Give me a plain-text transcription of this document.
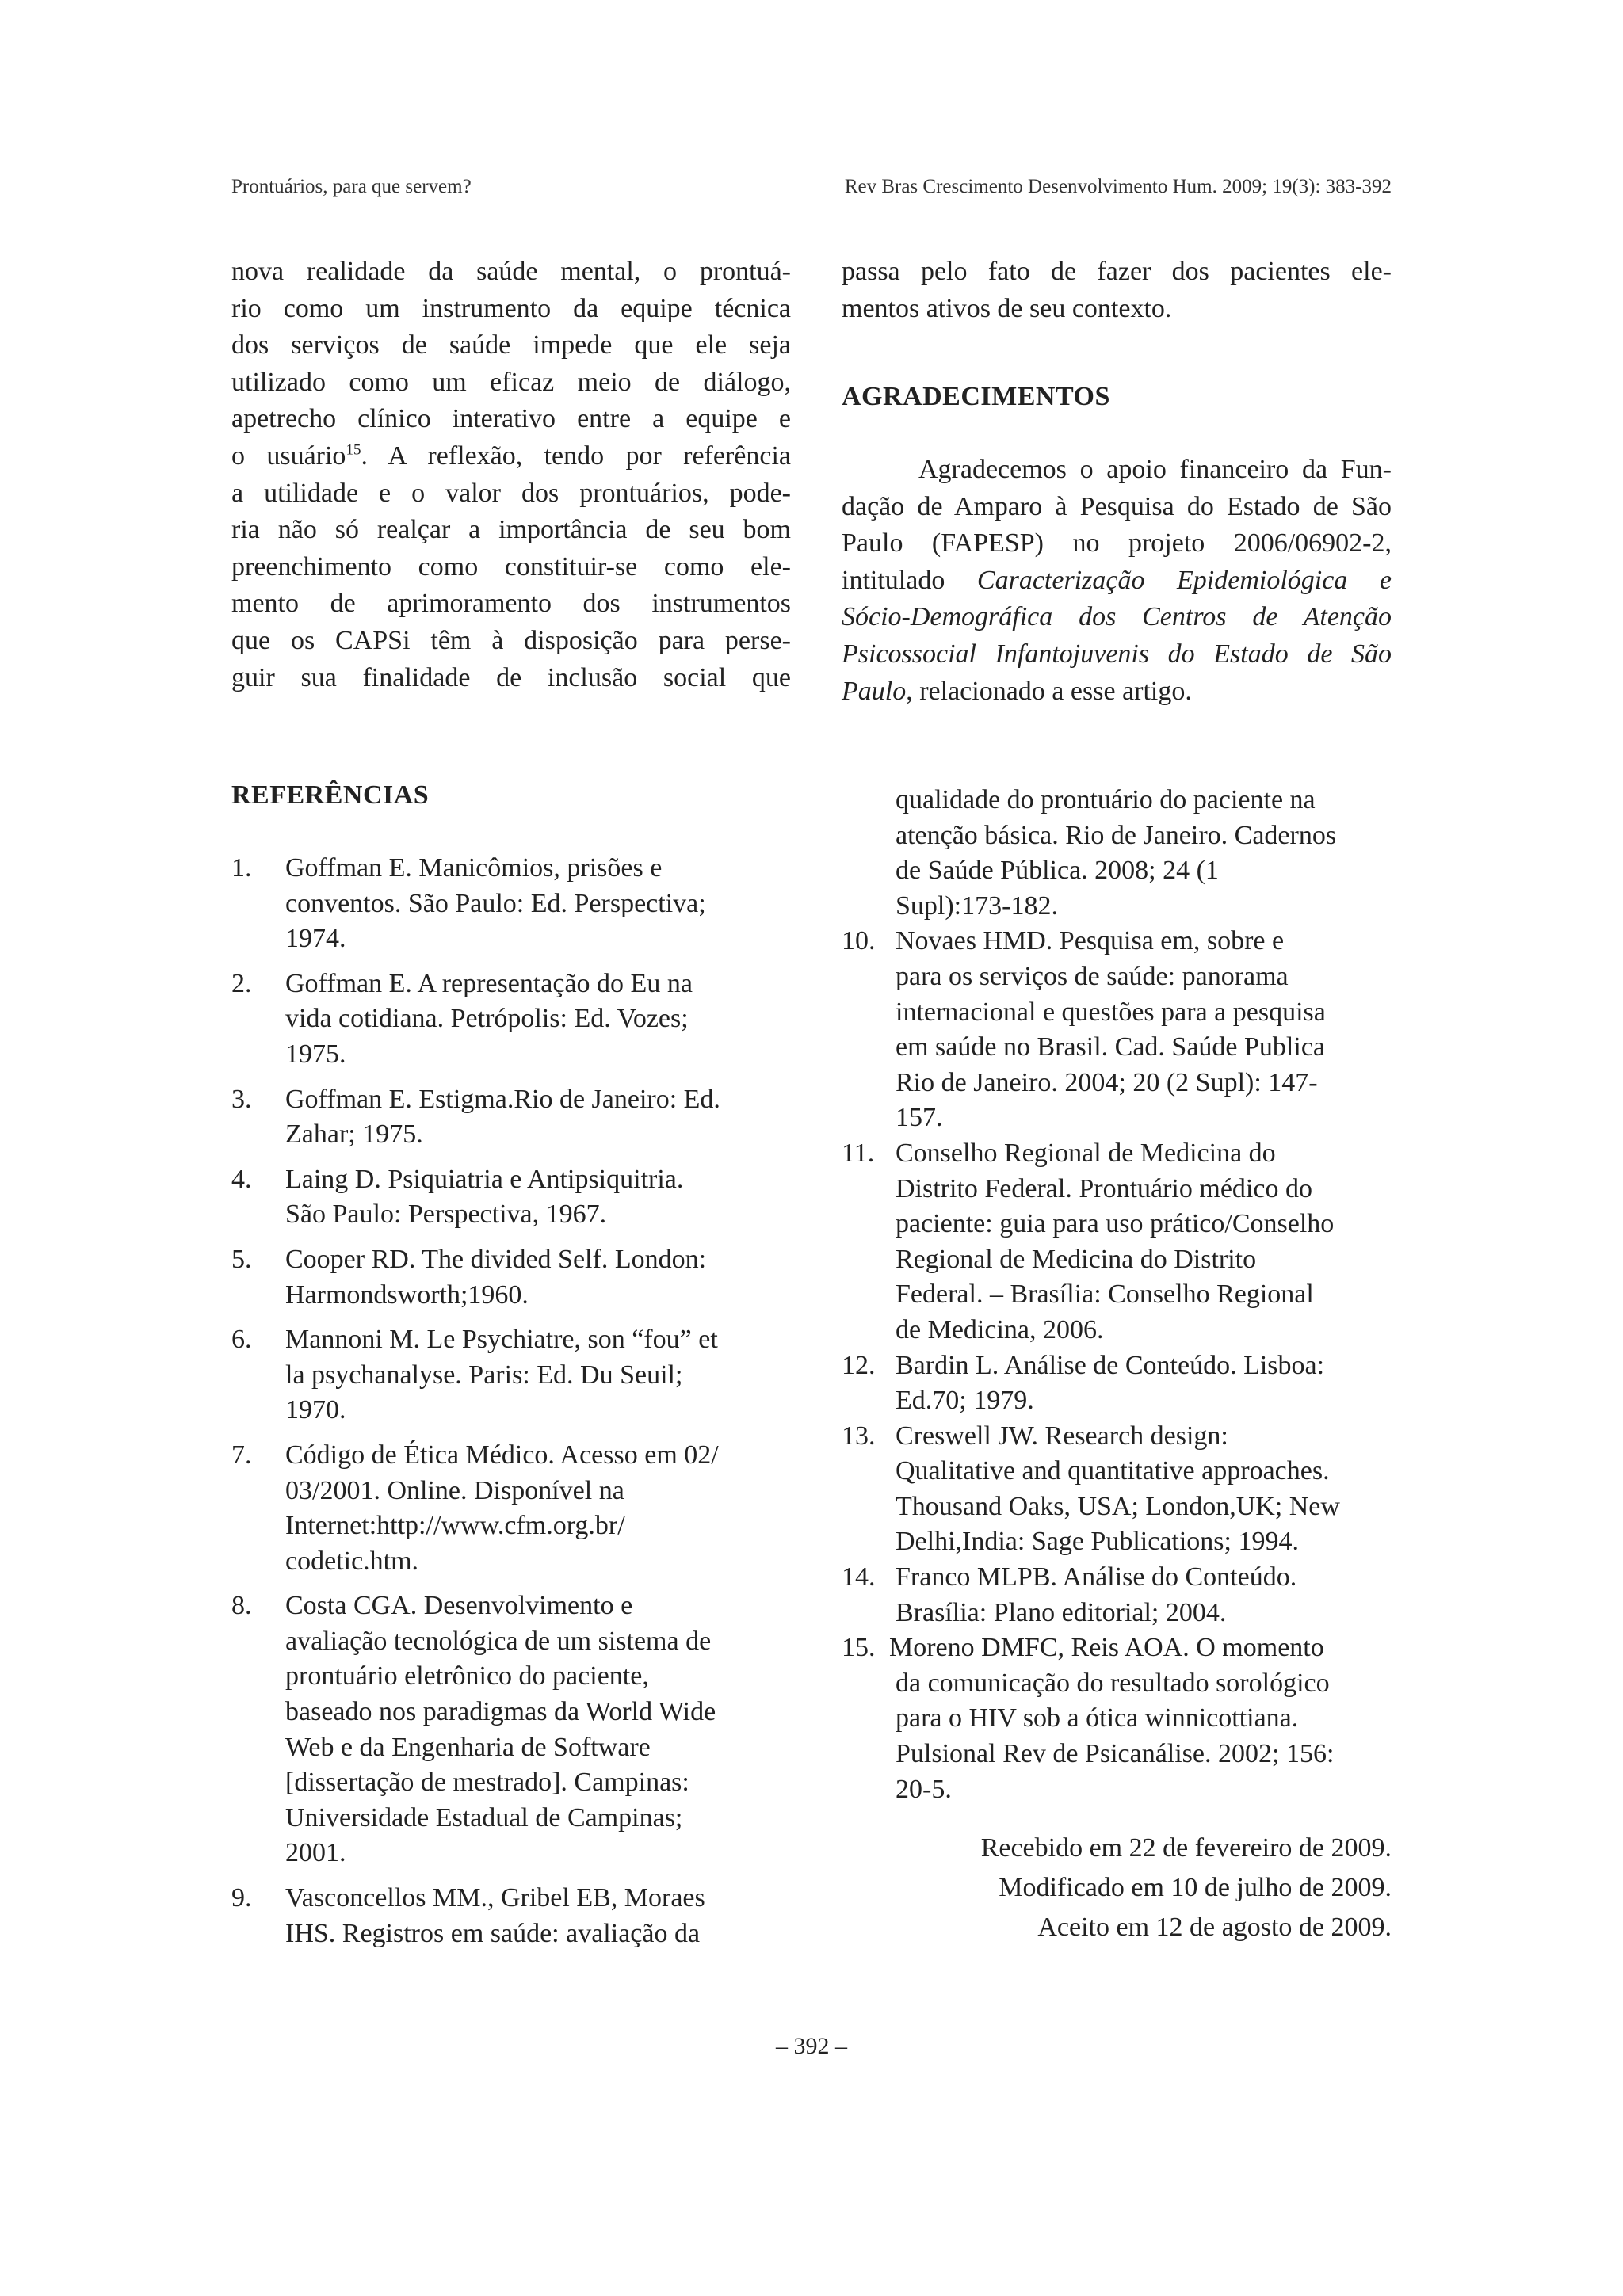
Prontuários, para que servem?	Rev Bras Crescimento Desenvolvimento Hum. 2009; 19(3): 383-392
nova realidade da saúde mental, o prontuá-
rio como um instrumento da equipe técnica
dos serviços de saúde impede que ele seja
utilizado como um eficaz meio de diálogo,
apetrecho clínico interativo entre a equipe e
o usuário$^{15}$. A reflexão, tendo por referência
a utilidade e o valor dos prontuários, pode-
ria não só realçar a importância de seu bom
preenchimento como constituir-se como ele-
mento de aprimoramento dos instrumentos
que os CAPSi têm à disposição para perse-
guir sua finalidade de inclusão social que
passa pelo fato de fazer dos pacientes ele-
mentos ativos de seu contexto.
AGRADECIMENTOS
Agradecemos o apoio financeiro da Fun-
dação de Amparo à Pesquisa do Estado de São
Paulo (FAPESP) no projeto 2006/06902-2,
intitulado Caracterização Epidemiológica e
Sócio-Demográfica dos Centros de Atenção
Psicossocial Infantojuvenis do Estado de São
Paulo, relacionado a esse artigo.
REFERÊNCIAS
1. Goffman E. Manicômios, prisões e
conventos. São Paulo: Ed. Perspectiva;
1974.
2. Goffman E. A representação do Eu na
vida cotidiana. Petrópolis: Ed. Vozes;
1975.
3. Goffman E. Estigma.Rio de Janeiro: Ed.
Zahar; 1975.
4. Laing D. Psiquiatria e Antipsiquitria.
São Paulo: Perspectiva, 1967.
5. Cooper RD. The divided Self. London:
Harmondsworth;1960.
6. Mannoni M. Le Psychiatre, son “fou” et
la psychanalyse. Paris: Ed. Du Seuil;
1970.
7. Código de Ética Médico. Acesso em 02/
03/2001. Online. Disponível na
Internet:http://www.cfm.org.br/
codetic.htm.
8. Costa CGA. Desenvolvimento e
avaliação tecnológica de um sistema de
prontuário eletrônico do paciente,
baseado nos paradigmas da World Wide
Web e da Engenharia de Software
[dissertação de mestrado]. Campinas:
Universidade Estadual de Campinas;
2001.
9. Vasconcellos MM., Gribel EB, Moraes
IHS. Registros em saúde: avaliação da
qualidade do prontuário do paciente na
atenção básica. Rio de Janeiro. Cadernos
de Saúde Pública. 2008; 24 (1
Supl):173-182.
10. Novaes HMD. Pesquisa em, sobre e
para os serviços de saúde: panorama
internacional e questões para a pesquisa
em saúde no Brasil. Cad. Saúde Publica
Rio de Janeiro. 2004; 20 (2 Supl): 147-
157.
11. Conselho Regional de Medicina do
Distrito Federal. Prontuário médico do
paciente: guia para uso prático/Conselho
Regional de Medicina do Distrito
Federal. – Brasília: Conselho Regional
de Medicina, 2006.
12. Bardin L. Análise de Conteúdo. Lisboa:
Ed.70; 1979.
13. Creswell JW. Research design:
Qualitative and quantitative approaches.
Thousand Oaks, USA; London,UK; New
Delhi,India: Sage Publications; 1994.
14. Franco MLPB. Análise do Conteúdo.
Brasília: Plano editorial; 2004.
15. Moreno DMFC, Reis AOA. O momento
da comunicação do resultado sorológico
para o HIV sob a ótica winnicottiana.
Pulsional Rev de Psicanálise. 2002; 156:
20-5.
Recebido em 22 de fevereiro de 2009.
Modificado em 10 de julho de 2009.
Aceito em 12 de agosto de 2009.
– 392 –
